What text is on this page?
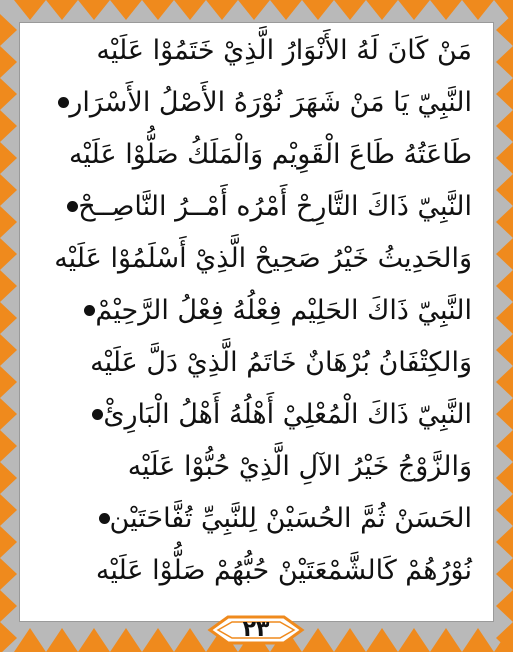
مَنْ كَانَ لَهُ الأَنْوَارُ الَّذِيْ خَتَمُوْا عَلَيْه
النَّبِيّ يَا مَنْ شَهَرَ نُوْرَهُ الأَصْلُ الأَسْرَار
طَاعَتُهُ طَاعَ الْقَوِيْم وَالْمَلَكُ صَلُّوْا عَلَيْه
النَّبِيّ ذَاكَ التَّارِحْ أَمْرُه أَمْــرُ النَّاصِــحْ
وَالحَدِيثُ خَيْرُ صَحِيحْ الَّذِيْ أَسْلَمُوْا عَلَيْه
النَّبِيّ ذَاكَ الحَلِيْم فِعْلُهُ فِعْلُ الرَّحِيْمْ
وَالكِتْفَانُ بُرْهَانٌ خَاتَمُ الَّذِيْ دَلَّ عَلَيْه
النَّبِيّ ذَاكَ الْمُعْلِيْ أَهْلُهُ أَهْلُ الْبَارِئْ
وَالزَّوْجُ خَيْرُ الآلِ الَّذِيْ حُبُّوْا عَلَيْه
الحَسَنْ ثُمَّ الحُسَيْنْ لِلنَّبِيِّ تُفَّاحَتَيْن
نُوْرُهُمْ كَالشَّمْعَتَيْنْ حُبُّهُمْ صَلُّوْا عَلَيْه
٢٣
